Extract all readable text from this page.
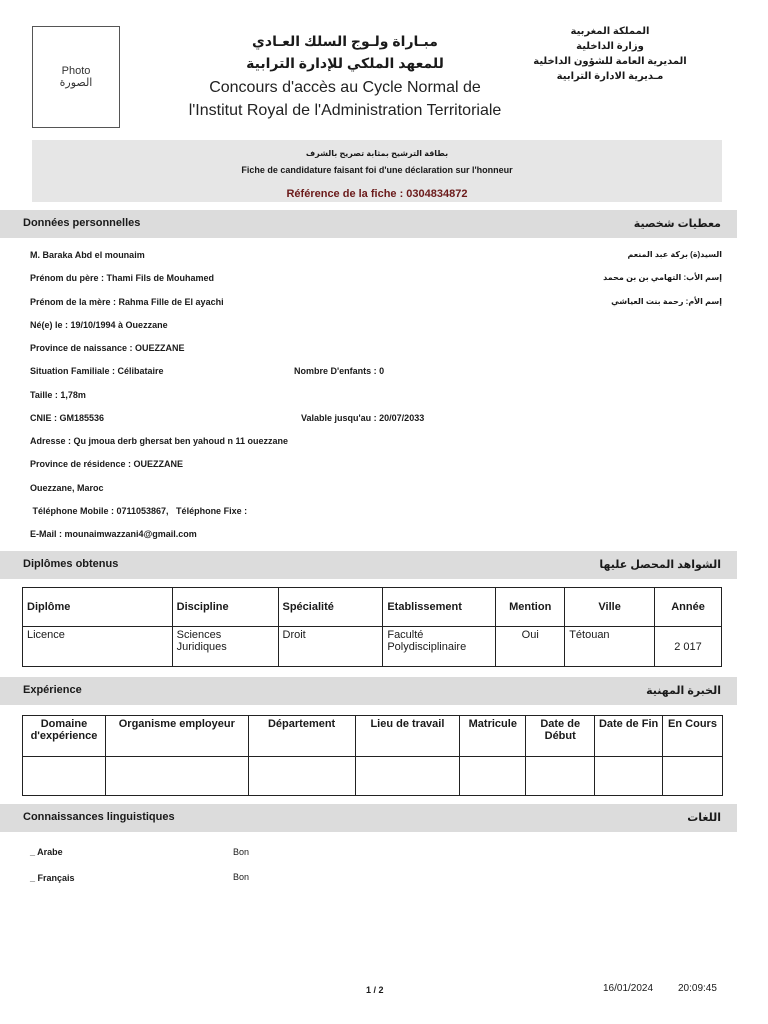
Photo
الصورة
مبـاراة ولـوج السلك العـادي
للمعهد الملكي للإدارة الترابية
Concours d'accès au Cycle Normal de
l'Institut Royal de l'Administration Territoriale
المملكة المغربية
وزارة الداخلية
المديرية العامة للشؤون الداخلية
مـديرية الادارة الترابية
بطاقة الترشيح بمثابة تصريح بالشرف
Fiche de candidature faisant foi d'une déclaration sur l'honneur
Référence de la fiche : 0304834872
Données personnelles	معطيات شخصية
M. Baraka Abd el mounaim	السيد(ة) بركة عبد المنعم
Prénom du père : Thami Fils de Mouhamed	إسم الأب: التهامي بن بن محمد
Prénom de la mère : Rahma Fille de El ayachi	إسم الأم: رحمة بنت العياشي
Né(e) le : 19/10/1994 à Ouezzane
Province de naissance : OUEZZANE
Situation Familiale : Célibataire	Nombre D'enfants : 0
Taille : 1,78m
CNIE : GM185536	Valable jusqu'au : 20/07/2033
Adresse : Qu jmoua derb ghersat ben yahoud n 11 ouezzane
Province de résidence : OUEZZANE
Ouezzane, Maroc
Téléphone Mobile : 0711053867,   Téléphone Fixe :
E-Mail : mounaimwazzani4@gmail.com
Diplômes obtenus	الشواهد المحصل عليها
Diplôme	Discipline	Spécialité	Etablissement	Mention	Ville	Année
Licence	Sciences Juridiques	Droit	Faculté Polydisciplinaire	Oui	Tétouan	2 017
Expérience	الخبرة المهنية
Domaine d'expérience	Organisme employeur	Département	Lieu de travail	Matricule	Date de Début	Date de Fin	En Cours

Connaissances linguistiques	اللغات
_ Arabe	Bon
_ Français	Bon
1 / 2	16/01/2024 20:09:45
